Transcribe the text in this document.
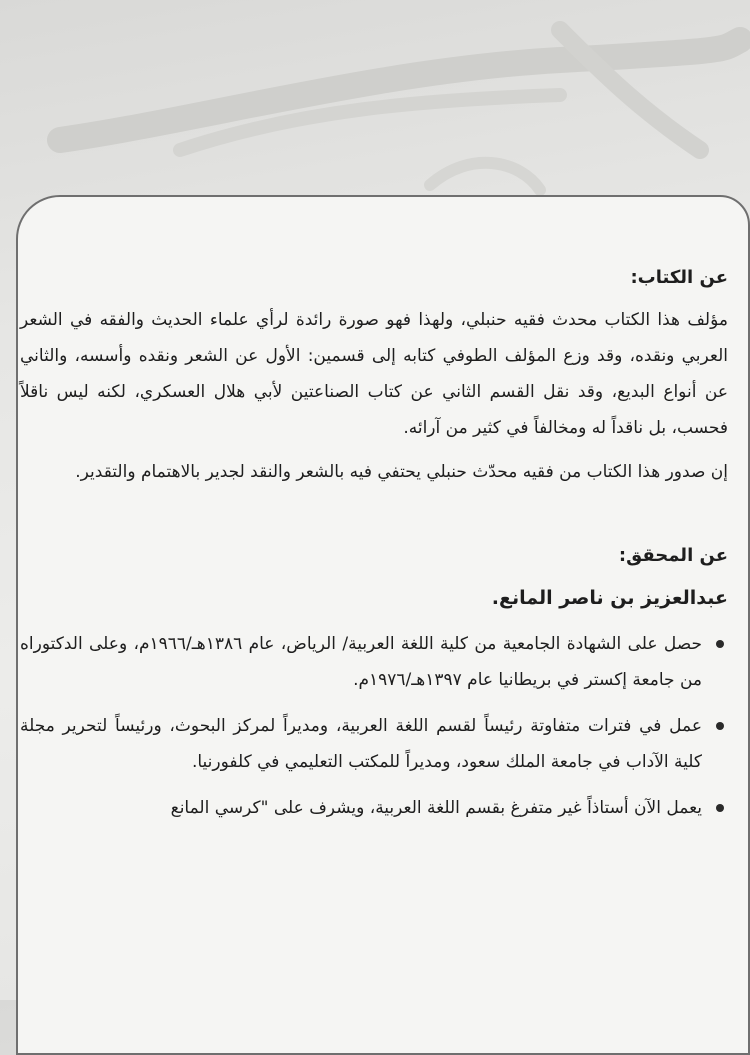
عن الكتاب:

مؤلف هذا الكتاب محدث فقيه حنبلي، ولهذا فهو صورة رائدة لرأي علماء الحديث والفقه في الشعر العربي ونقده، وقد وزع المؤلف الطوفي كتابه إلى قسمين: الأول عن الشعر ونقده وأسسه، والثاني عن أنواع البديع، وقد نقل القسم الثاني عن كتاب الصناعتين لأبي هلال العسكري، لكنه ليس ناقلاً فحسب، بل ناقداً له ومخالفاً في كثير من آرائه.

إن صدور هذا الكتاب من فقيه محدّث حنبلي يحتفي فيه بالشعر والنقد لجدير بالاهتمام والتقدير.

عن المحقق:

عبدالعزيز بن ناصر المانع.

حصل على الشهادة الجامعية من كلية اللغة العربية/ الرياض، عام ١٣٨٦هـ/١٩٦٦م، وعلى الدكتوراه من جامعة إكستر في بريطانيا عام ١٣٩٧هـ/١٩٧٦م.
عمل في فترات متفاوتة رئيساً لقسم اللغة العربية، ومديراً لمركز البحوث، ورئيساً لتحرير مجلة كلية الآداب في جامعة الملك سعود، ومديراً للمكتب التعليمي في كلفورنيا.
يعمل الآن أستاذاً غير متفرغ بقسم اللغة العربية، ويشرف على "كرسي المانع
